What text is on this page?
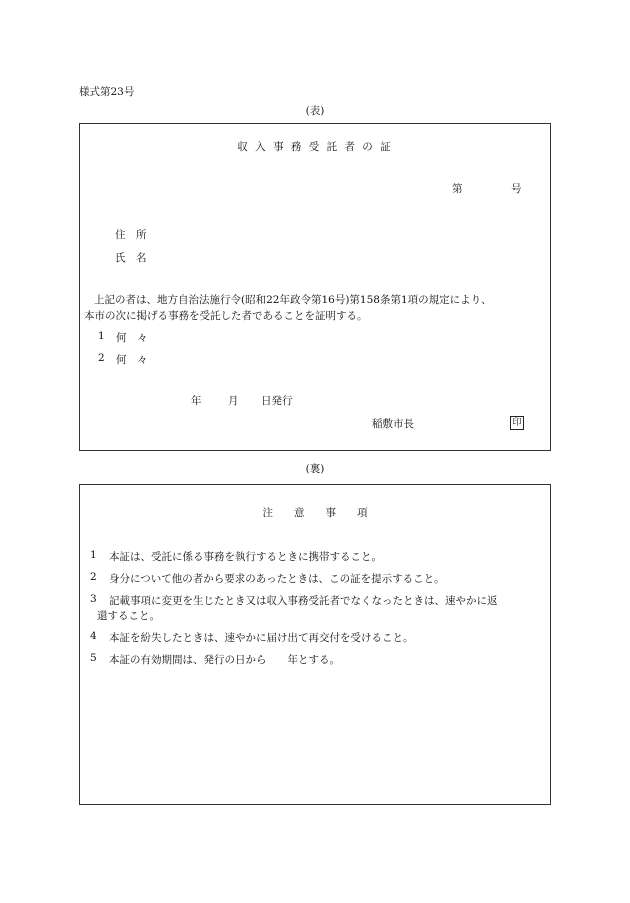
様式第23号
(表)
収 入 事 務 受 託 者 の 証
第	号
住　所
氏　名
上記の者は、地方自治法施行令(昭和22年政令第16号)第158条第1項の規定により、
本市の次に掲げる事務を受託した者であることを証明する。
1 何　々
2 何　々
年	月 日発行
稲敷市長	印
(裏)
注　　意　　事　　項
1 本証は、受託に係る事務を執行するときに携帯すること。
2 身分について他の者から要求のあったときは、この証を提示すること。
3 記載事項に変更を生じたとき又は収入事務受託者でなくなったときは、速やかに返
還すること。
4 本証を紛失したときは、速やかに届け出て再交付を受けること。
5 本証の有効期間は、発行の日から　　年とする。
